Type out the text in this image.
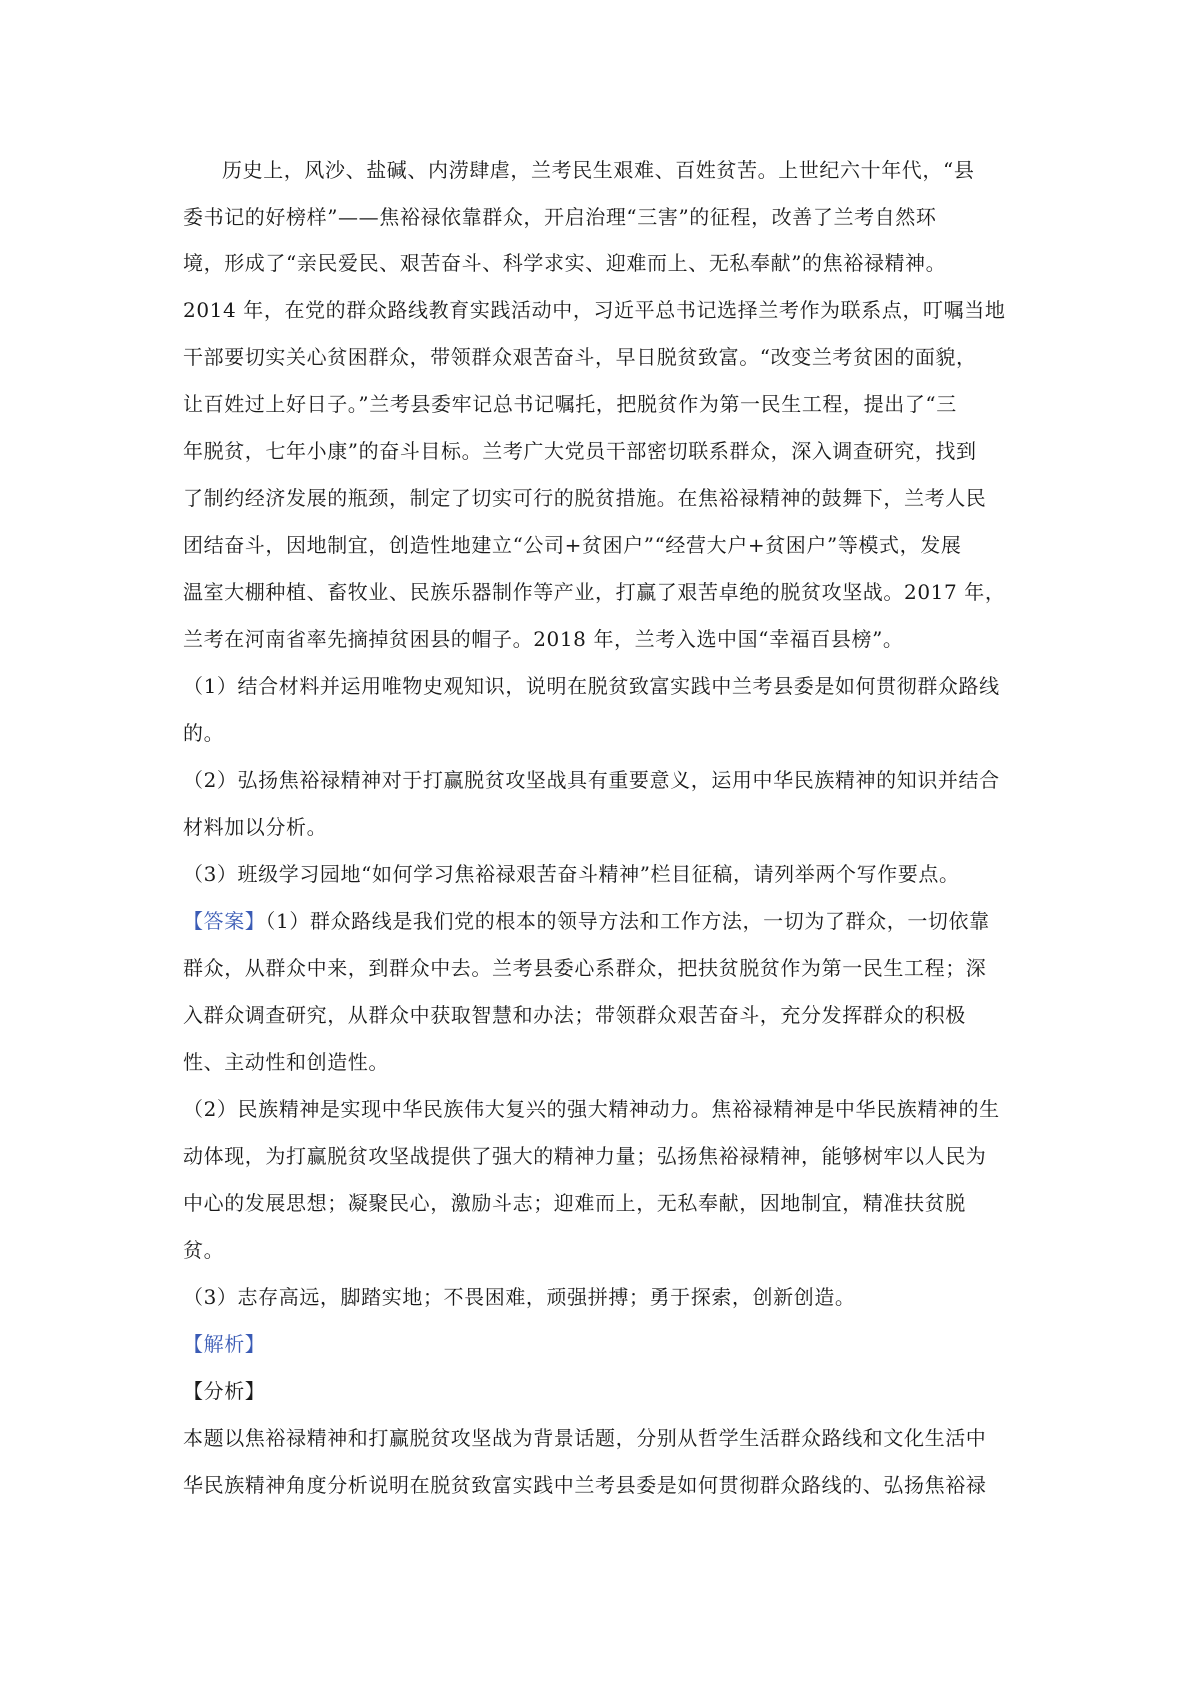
历史上，风沙、盐碱、内涝肆虐，兰考民生艰难、百姓贫苦。上世纪六十年代，“县
委书记的好榜样”——焦裕禄依靠群众，开启治理“三害”的征程，改善了兰考自然环
境，形成了“亲民爱民、艰苦奋斗、科学求实、迎难而上、无私奉献”的焦裕禄精神。
2014 年，在党的群众路线教育实践活动中，习近平总书记选择兰考作为联系点，叮嘱当地
干部要切实关心贫困群众，带领群众艰苦奋斗，早日脱贫致富。“改变兰考贫困的面貌，
让百姓过上好日子。”兰考县委牢记总书记嘱托，把脱贫作为第一民生工程，提出了“三
年脱贫，七年小康”的奋斗目标。兰考广大党员干部密切联系群众，深入调查研究，找到
了制约经济发展的瓶颈，制定了切实可行的脱贫措施。在焦裕禄精神的鼓舞下，兰考人民
团结奋斗，因地制宜，创造性地建立“公司+贫困户”“经营大户+贫困户”等模式，发展
温室大棚种植、畜牧业、民族乐器制作等产业，打赢了艰苦卓绝的脱贫攻坚战。2017 年，
兰考在河南省率先摘掉贫困县的帽子。2018 年，兰考入选中国“幸福百县榜”。
（1）结合材料并运用唯物史观知识，说明在脱贫致富实践中兰考县委是如何贯彻群众路线
的。
（2）弘扬焦裕禄精神对于打赢脱贫攻坚战具有重要意义，运用中华民族精神的知识并结合
材料加以分析。
（3）班级学习园地“如何学习焦裕禄艰苦奋斗精神”栏目征稿，请列举两个写作要点。
【答案】（1）群众路线是我们党的根本的领导方法和工作方法，一切为了群众，一切依靠
群众，从群众中来，到群众中去。兰考县委心系群众，把扶贫脱贫作为第一民生工程；深
入群众调查研究，从群众中获取智慧和办法；带领群众艰苦奋斗，充分发挥群众的积极
性、主动性和创造性。
（2）民族精神是实现中华民族伟大复兴的强大精神动力。焦裕禄精神是中华民族精神的生
动体现，为打赢脱贫攻坚战提供了强大的精神力量；弘扬焦裕禄精神，能够树牢以人民为
中心的发展思想；凝聚民心，激励斗志；迎难而上，无私奉献，因地制宜，精准扶贫脱
贫。
（3）志存高远，脚踏实地；不畏困难，顽强拼搏；勇于探索，创新创造。
【解析】
【分析】
本题以焦裕禄精神和打赢脱贫攻坚战为背景话题，分别从哲学生活群众路线和文化生活中
华民族精神角度分析说明在脱贫致富实践中兰考县委是如何贯彻群众路线的、弘扬焦裕禄
